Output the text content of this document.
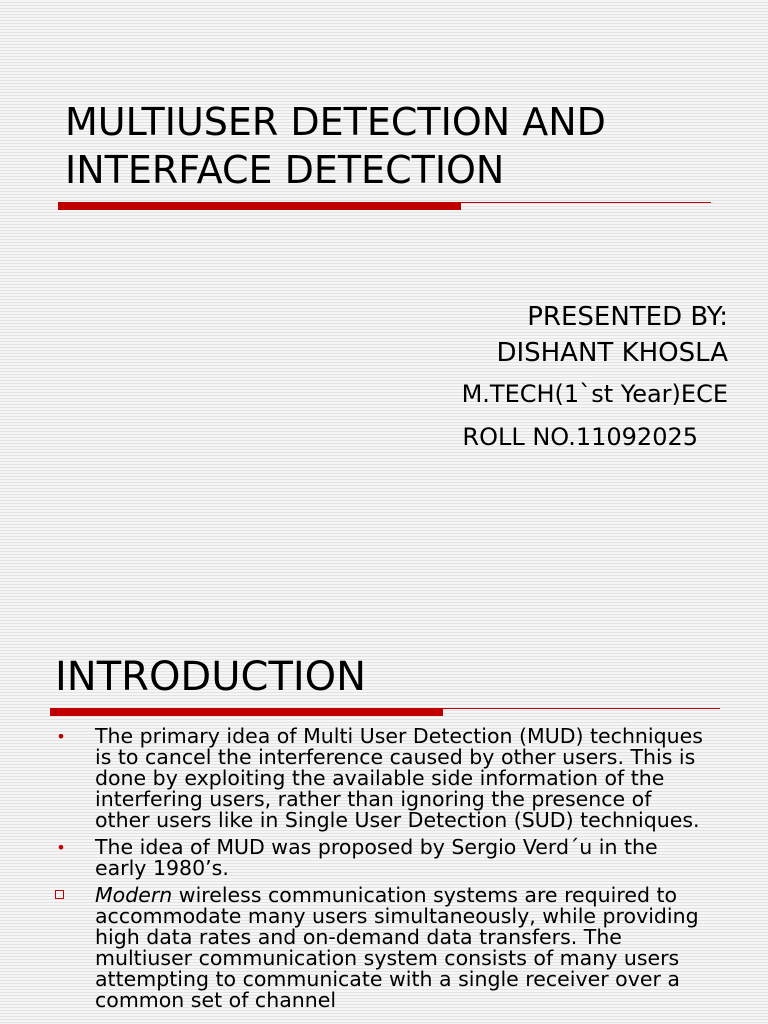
MULTIUSER DETECTION AND
INTERFACE DETECTION
PRESENTED BY:
DISHANT KHOSLA
M.TECH(1`st Year)ECE
ROLL NO.11092025
INTRODUCTION
• The primary idea of Multi User Detection (MUD) techniques is to cancel the interference caused by other users. This is done by exploiting the available side information of the interfering users, rather than ignoring the presence of other users like in Single User Detection (SUD) techniques.
• The idea of MUD was proposed by Sergio Verd´u in the early 1980’s.
Modern wireless communication systems are required to accommodate many users simultaneously, while providing high data rates and on-demand data transfers. The multiuser communication system consists of many users attempting to communicate with a single receiver over a common set of channel
